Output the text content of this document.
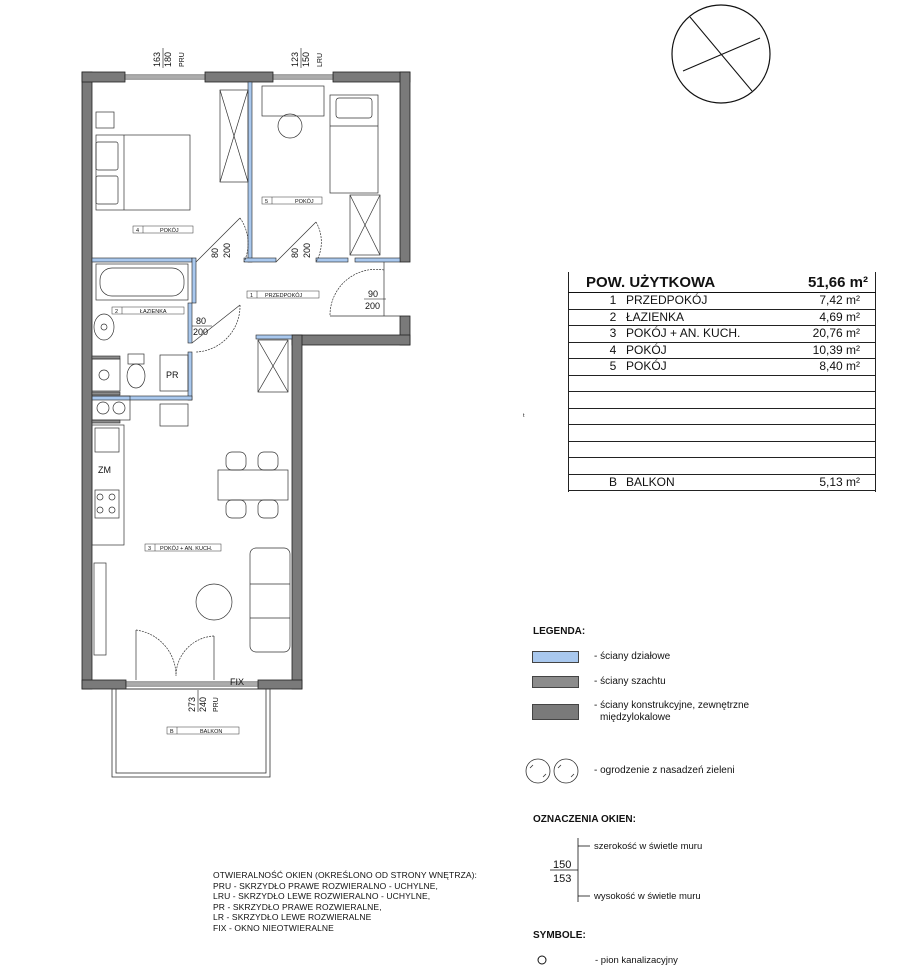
163 180 PRU	123 150 LRU
273 240 PRU
FIX
4	POKÓJ
5	POKÓJ
1 PRZEDPOKÓJ
2	ŁAZIENKA
3 POKÓJ + AN. KUCH.
B	BALKON
80 200	80 200
80
200
90
200
PR
ZM
150
153
szerokość w świetle muru
wysokość w świetle muru
- pion kanalizacyjny
POW. UŻYTKOWA	51,66 m²
1 PRZEDPOKÓJ	7,42 m²
2 ŁAZIENKA	4,69 m²
3 POKÓJ + AN. KUCH.	20,76 m²
4 POKÓJ	10,39 m²
5 POKÓJ	8,40 m²
B BALKON	5,13 m²
ᵗ
LEGENDA:
- ściany działowe
- ściany szachtu
- ściany konstrukcyjne, zewnętrzne
międzylokalowe
- ogrodzenie z nasadzeń zieleni
OZNACZENIA OKIEN:
SYMBOLE:
OTWIERALNOŚĆ OKIEN (OKREŚLONO OD STRONY WNĘTRZA):
PRU - SKRZYDŁO PRAWE ROZWIERALNO - UCHYLNE,
LRU - SKRZYDŁO LEWE ROZWIERALNO - UCHYLNE,
PR - SKRZYDŁO PRAWE ROZWIERALNE,
LR - SKRZYDŁO LEWE ROZWIERALNE
FIX - OKNO NIEOTWIERALNE
